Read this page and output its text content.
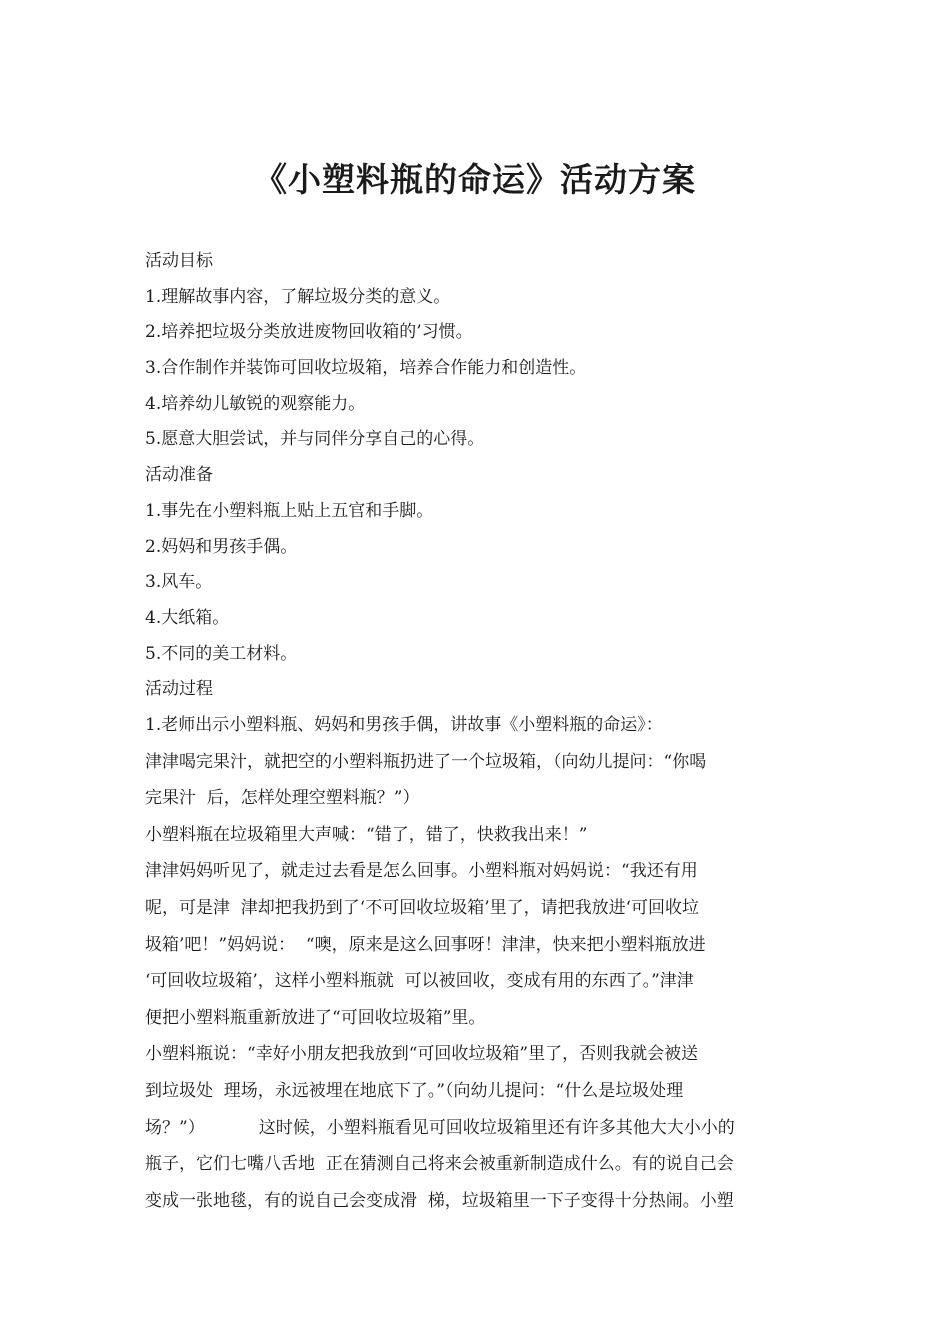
《小塑料瓶的命运》活动方案
活动目标
1.理解故事内容，了解垃圾分类的意义。
2.培养把垃圾分类放进废物回收箱的’习惯。
3.合作制作并装饰可回收垃圾箱，培养合作能力和创造性。
4.培养幼儿敏锐的观察能力。
5.愿意大胆尝试，并与同伴分享自己的心得。
活动准备
1.事先在小塑料瓶上贴上五官和手脚。
2.妈妈和男孩手偶。
3.风车。
4.大纸箱。
5.不同的美工材料。
活动过程
1.老师出示小塑料瓶、妈妈和男孩手偶，讲故事《小塑料瓶的命运》：
津津喝完果汁，就把空的小塑料瓶扔进了一个垃圾箱，（向幼儿提问：“你喝
完果汁  后，怎样处理空塑料瓶？”）
小塑料瓶在垃圾箱里大声喊：“错了，错了，快救我出来！”
津津妈妈听见了，就走过去看是怎么回事。小塑料瓶对妈妈说：“我还有用
呢，可是津  津却把我扔到了‘不可回收垃圾箱’里了，请把我放进‘可回收垃
圾箱’吧！”妈妈说：  “噢，原来是这么回事呀！津津，快来把小塑料瓶放进
‘可回收垃圾箱’，这样小塑料瓶就  可以被回收，变成有用的东西了。”津津
便把小塑料瓶重新放进了“可回收垃圾箱”里。
小塑料瓶说：“幸好小朋友把我放到“可回收垃圾箱”里了，否则我就会被送
到垃圾处  理场，永远被埋在地底下了。”（向幼儿提问：“什么是垃圾处理
场？”）          这时候，小塑料瓶看见可回收垃圾箱里还有许多其他大大小小的
瓶子，它们七嘴八舌地  正在猜测自己将来会被重新制造成什么。有的说自己会
变成一张地毯，有的说自己会变成滑  梯，垃圾箱里一下子变得十分热闹。小塑
